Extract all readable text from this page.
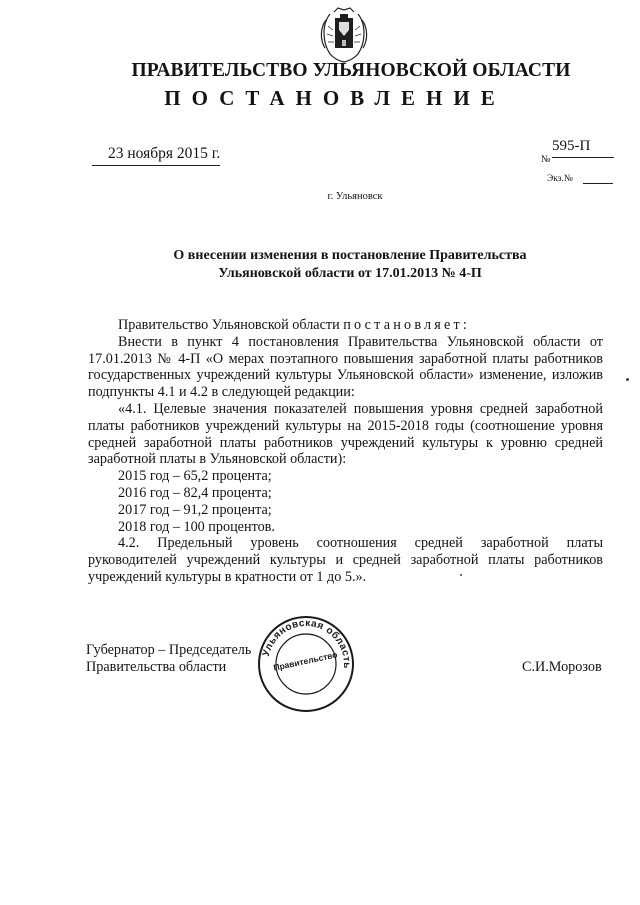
ПРАВИТЕЛЬСТВО УЛЬЯНОВСКОЙ ОБЛАСТИ
ПОСТАНОВЛЕНИЕ
23 ноября 2015 г.	595-П
№
Экз.№
г. Ульяновск
О внесении изменения в постановление Правительства
Ульяновской области от 17.01.2013 № 4-П

Правительство Ульяновской области постановляет:

Внести в пункт 4 постановления Правительства Ульяновской области от 17.01.2013 № 4-П «О мерах поэтапного повышения заработной платы работников государственных учреждений культуры Ульяновской области» изменение, изложив подпункты 4.1 и 4.2 в следующей редакции:

«4.1. Целевые значения показателей повышения уровня средней заработной платы работников учреждений культуры на 2015-2018 годы (соотношение уровня средней заработной платы работников учреждений культуры к уровню средней заработной платы в Ульяновской области):

2015 год – 65,2 процента;

2016 год – 82,4 процента;

2017 год – 91,2 процента;

2018 год – 100 процентов.

4.2. Предельный уровень соотношения средней заработной платы руководителей учреждений культуры и средней заработной платы работников учреждений культуры в кратности от 1 до 5.».

Губернатор – Председатель
Правительства области	С.И.Морозов
Ульяновская область
Правительство
